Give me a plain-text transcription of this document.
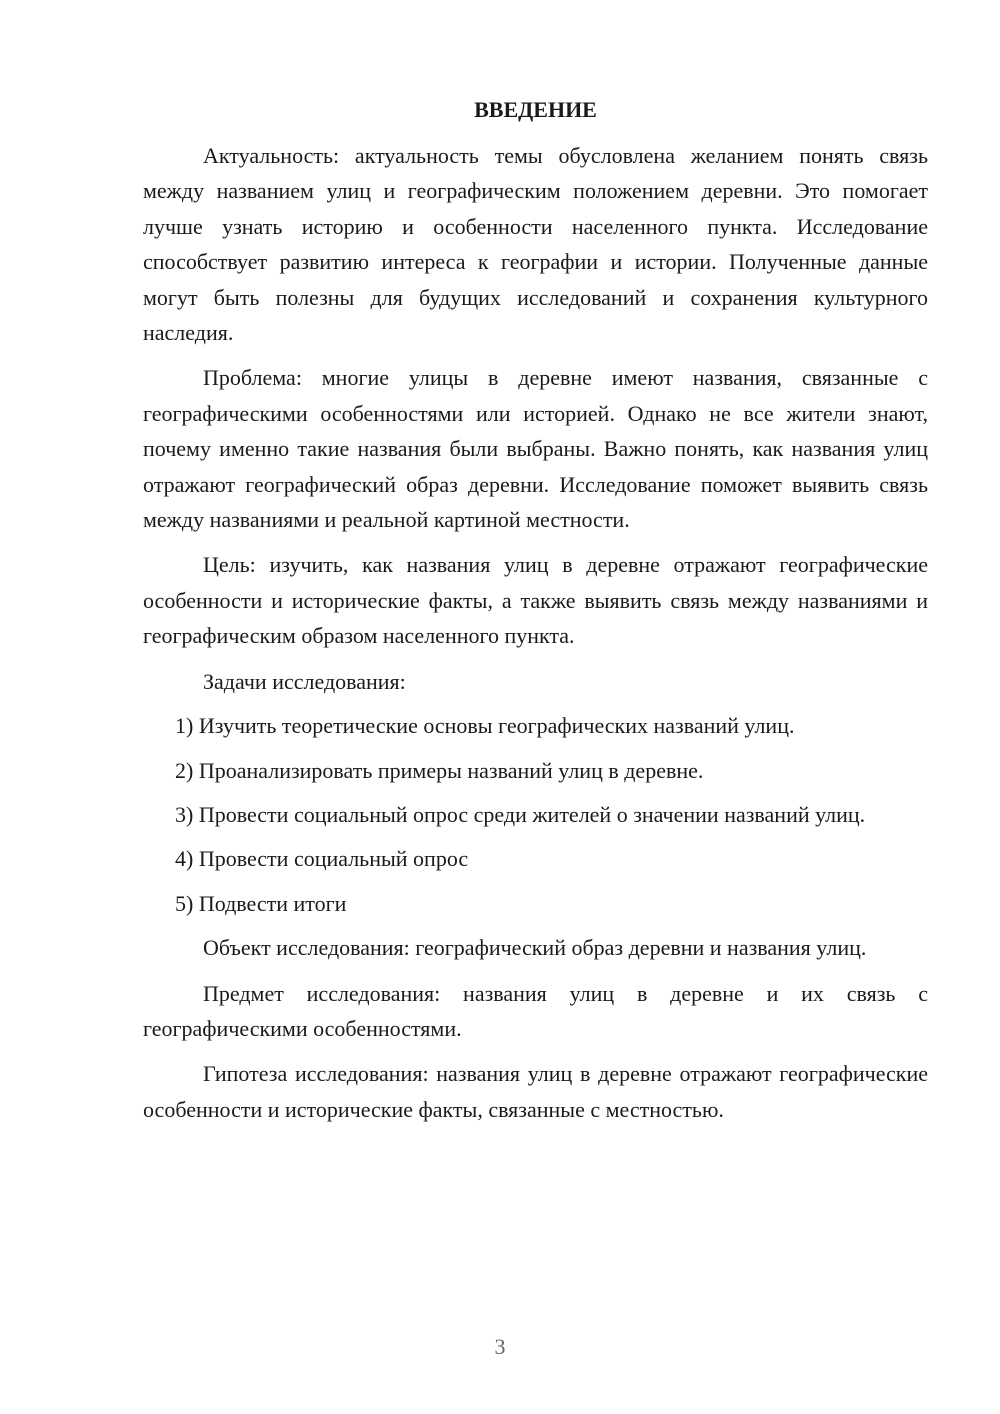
ВВЕДЕНИЕ

Актуальность: актуальность темы обусловлена желанием понять связь между названием улиц и географическим положением деревни. Это помогает лучше узнать историю и особенности населенного пункта. Исследование способствует развитию интереса к географии и истории. Полученные данные могут быть полезны для будущих исследований и сохранения культурного наследия.

Проблема: многие улицы в деревне имеют названия, связанные с географическими особенностями или историей. Однако не все жители знают, почему именно такие названия были выбраны. Важно понять, как названия улиц отражают географический образ деревни. Исследование поможет выявить связь между названиями и реальной картиной местности.

Цель: изучить, как названия улиц в деревне отражают географические особенности и исторические факты, а также выявить связь между названиями и географическим образом населенного пункта.

Задачи исследования:

1) Изучить теоретические основы географических названий улиц.

2) Проанализировать примеры названий улиц в деревне.

3) Провести социальный опрос среди жителей о значении названий улиц.

4) Провести социальный опрос

5) Подвести итоги

Объект исследования: географический образ деревни и названия улиц.

Предмет исследования: названия улиц в деревне и их связь с географическими особенностями.

Гипотеза исследования: названия улиц в деревне отражают географические особенности и исторические факты, связанные с местностью.

3
